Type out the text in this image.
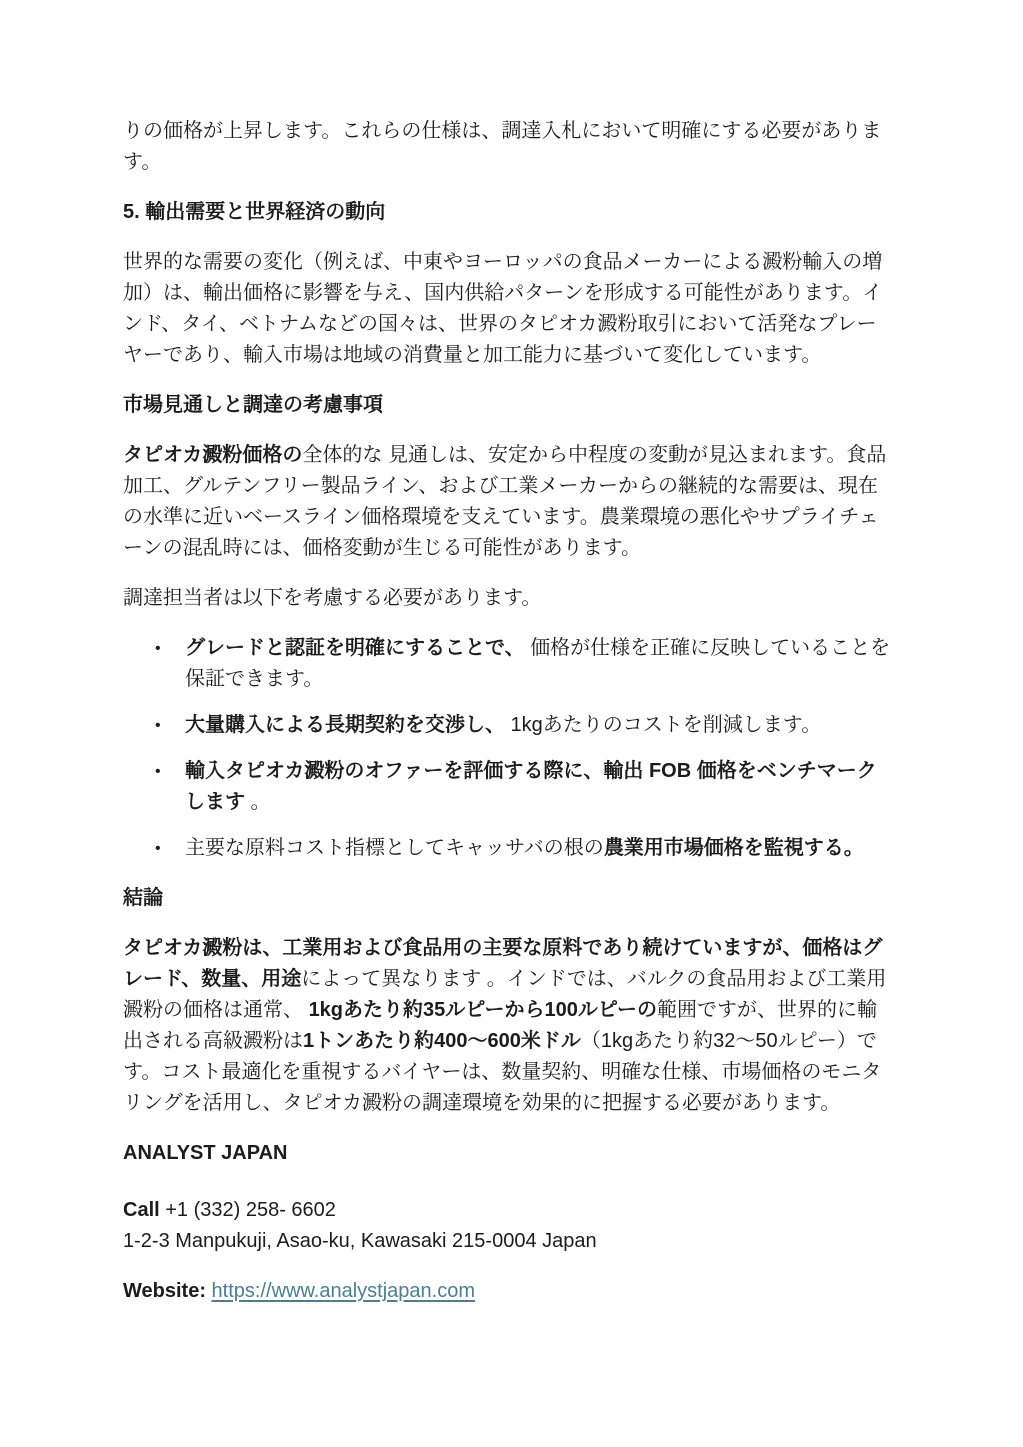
りの価格が上昇します。これらの仕様は、調達入札において明確にする必要があります。

5. 輸出需要と世界経済の動向

世界的な需要の変化（例えば、中東やヨーロッパの食品メーカーによる澱粉輸入の増加）は、輸出価格に影響を与え、国内供給パターンを形成する可能性があります。インド、タイ、ベトナムなどの国々は、世界のタピオカ澱粉取引において活発なプレーヤーであり、輸入市場は地域の消費量と加工能力に基づいて変化しています。

市場見通しと調達の考慮事項

タピオカ澱粉価格の全体的な 見通しは、安定から中程度の変動が見込まれます。食品加工、グルテンフリー製品ライン、および工業メーカーからの継続的な需要は、現在の水準に近いベースライン価格環境を支えています。農業環境の悪化やサプライチェーンの混乱時には、価格変動が生じる可能性があります。

調達担当者は以下を考慮する必要があります。

• グレードと認証を明確にすることで、 価格が仕様を正確に反映していることを保証できます。
• 大量購入による長期契約を交渉し、 1kgあたりのコストを削減します。
• 輸入タピオカ澱粉のオファーを評価する際に、輸出 FOB 価格をベンチマークします 。
• 主要な原料コスト指標としてキャッサバの根の農業用市場価格を監視する。
結論

タピオカ澱粉は、工業用および食品用の主要な原料であり続けていますが、価格はグレード、数量、用途によって異なります 。インドでは、バルクの食品用および工業用澱粉の価格は通常、 1kgあたり約35ルピーから100ルピーの範囲ですが、世界的に輸出される高級澱粉は1トンあたり約400〜600米ドル（1kgあたり約32〜50ルピー）です。コスト最適化を重視するバイヤーは、数量契約、明確な仕様、市場価格のモニタリングを活用し、タピオカ澱粉の調達環境を効果的に把握する必要があります。

ANALYST JAPAN

Call +1 (332) 258- 6602
1-2-3 Manpukuji, Asao-ku, Kawasaki 215-0004 Japan

Website: https://www.analystjapan.com
